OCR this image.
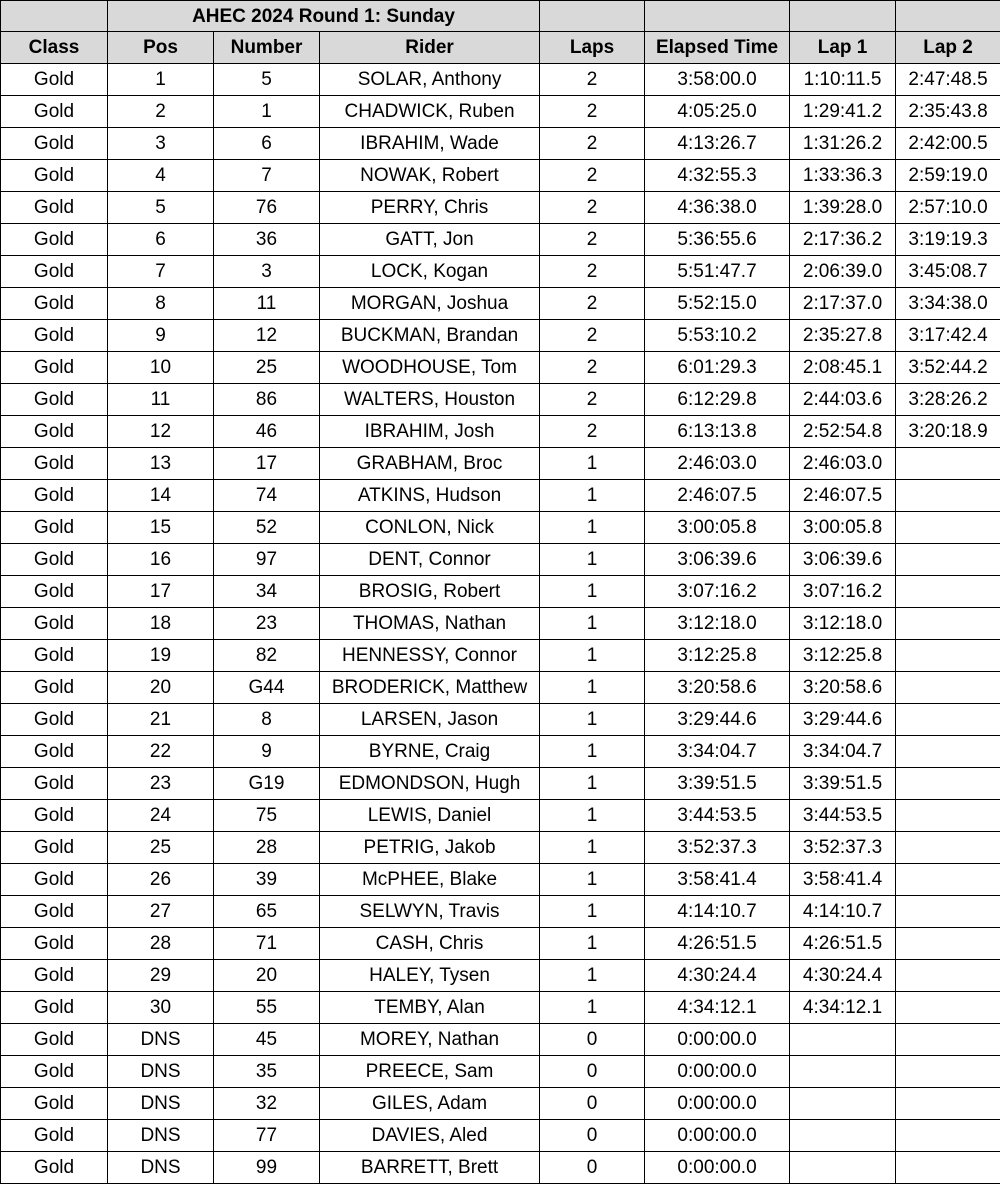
	AHEC 2024 Round 1: Sunday						
Class	Pos	Number	Rider	Laps	Elapsed Time	Lap 1	Lap 2
Gold	1	5	SOLAR, Anthony	2	3:58:00.0	1:10:11.5	2:47:48.5
Gold	2	1	CHADWICK, Ruben	2	4:05:25.0	1:29:41.2	2:35:43.8
Gold	3	6	IBRAHIM, Wade	2	4:13:26.7	1:31:26.2	2:42:00.5
Gold	4	7	NOWAK, Robert	2	4:32:55.3	1:33:36.3	2:59:19.0
Gold	5	76	PERRY, Chris	2	4:36:38.0	1:39:28.0	2:57:10.0
Gold	6	36	GATT, Jon	2	5:36:55.6	2:17:36.2	3:19:19.3
Gold	7	3	LOCK, Kogan	2	5:51:47.7	2:06:39.0	3:45:08.7
Gold	8	11	MORGAN, Joshua	2	5:52:15.0	2:17:37.0	3:34:38.0
Gold	9	12	BUCKMAN, Brandan	2	5:53:10.2	2:35:27.8	3:17:42.4
Gold	10	25	WOODHOUSE, Tom	2	6:01:29.3	2:08:45.1	3:52:44.2
Gold	11	86	WALTERS, Houston	2	6:12:29.8	2:44:03.6	3:28:26.2
Gold	12	46	IBRAHIM, Josh	2	6:13:13.8	2:52:54.8	3:20:18.9
Gold	13	17	GRABHAM, Broc	1	2:46:03.0	2:46:03.0	
Gold	14	74	ATKINS, Hudson	1	2:46:07.5	2:46:07.5	
Gold	15	52	CONLON, Nick	1	3:00:05.8	3:00:05.8	
Gold	16	97	DENT, Connor	1	3:06:39.6	3:06:39.6	
Gold	17	34	BROSIG, Robert	1	3:07:16.2	3:07:16.2	
Gold	18	23	THOMAS, Nathan	1	3:12:18.0	3:12:18.0	
Gold	19	82	HENNESSY, Connor	1	3:12:25.8	3:12:25.8	
Gold	20	G44	BRODERICK, Matthew	1	3:20:58.6	3:20:58.6	
Gold	21	8	LARSEN, Jason	1	3:29:44.6	3:29:44.6	
Gold	22	9	BYRNE, Craig	1	3:34:04.7	3:34:04.7	
Gold	23	G19	EDMONDSON, Hugh	1	3:39:51.5	3:39:51.5	
Gold	24	75	LEWIS, Daniel	1	3:44:53.5	3:44:53.5	
Gold	25	28	PETRIG, Jakob	1	3:52:37.3	3:52:37.3	
Gold	26	39	McPHEE, Blake	1	3:58:41.4	3:58:41.4	
Gold	27	65	SELWYN, Travis	1	4:14:10.7	4:14:10.7	
Gold	28	71	CASH, Chris	1	4:26:51.5	4:26:51.5	
Gold	29	20	HALEY, Tysen	1	4:30:24.4	4:30:24.4	
Gold	30	55	TEMBY, Alan	1	4:34:12.1	4:34:12.1	
Gold	DNS	45	MOREY, Nathan	0	0:00:00.0		
Gold	DNS	35	PREECE, Sam	0	0:00:00.0		
Gold	DNS	32	GILES, Adam	0	0:00:00.0		
Gold	DNS	77	DAVIES, Aled	0	0:00:00.0		
Gold	DNS	99	BARRETT, Brett	0	0:00:00.0		
